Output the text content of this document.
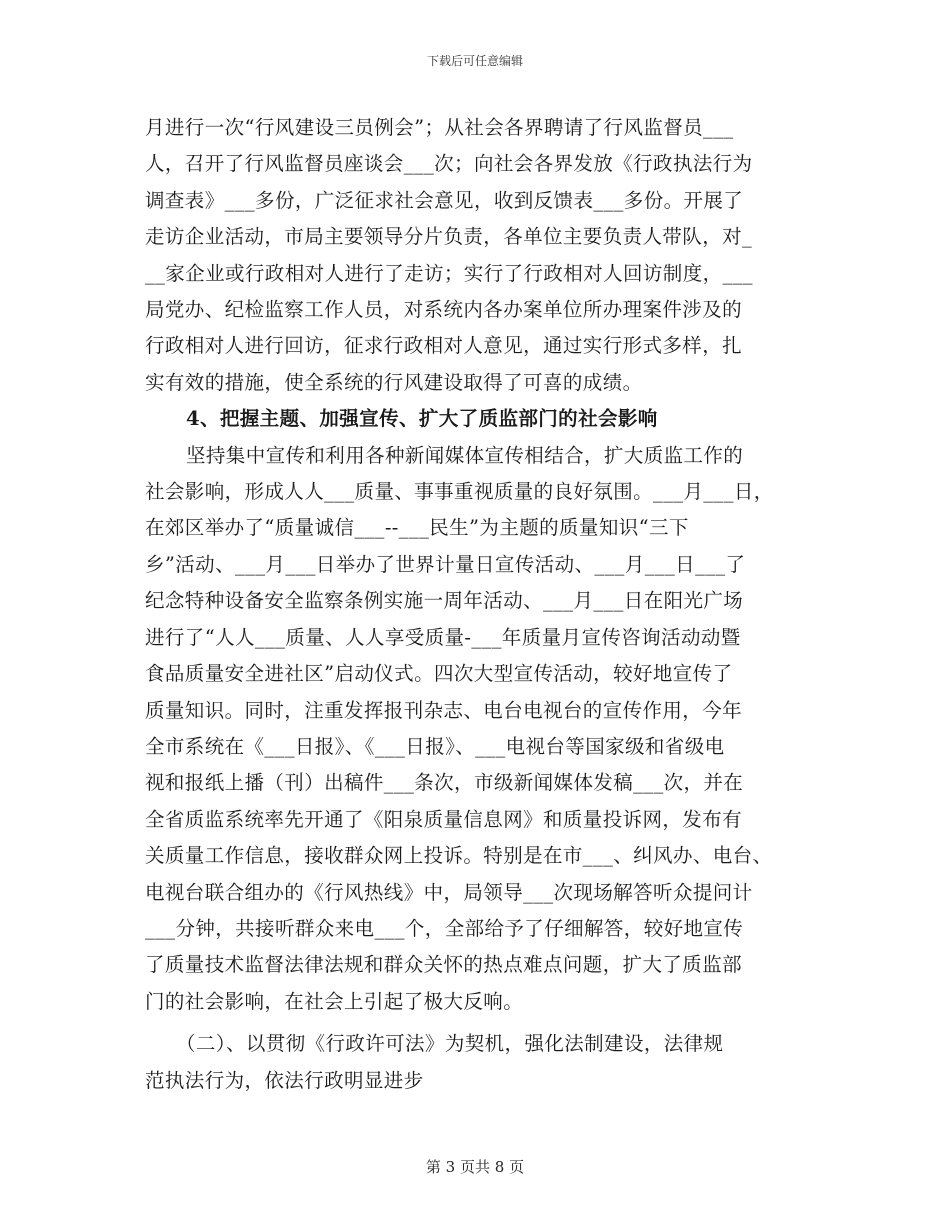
下载后可任意编辑

月进行一次“行风建设三员例会”；从社会各界聘请了行风监督员___
人，召开了行风监督员座谈会___次；向社会各界发放《行政执法行为
调查表》___多份，广泛征求社会意见，收到反馈表___多份。开展了
走访企业活动，市局主要领导分片负责，各单位主要负责人带队，对_
__家企业或行政相对人进行了走访；实行了行政相对人回访制度，___
局党办、纪检监察工作人员，对系统内各办案单位所办理案件涉及的
行政相对人进行回访，征求行政相对人意见，通过实行形式多样，扎
实有效的措施，使全系统的行风建设取得了可喜的成绩。

4、把握主题、加强宣传、扩大了质监部门的社会影响

坚持集中宣传和利用各种新闻媒体宣传相结合，扩大质监工作的
社会影响，形成人人___质量、事事重视质量的良好氛围。___月___日，
在郊区举办了“质量诚信___--___民生”为主题的质量知识“三下
乡”活动、___月___日举办了世界计量日宣传活动、___月___日___了
纪念特种设备安全监察条例实施一周年活动、___月___日在阳光广场
进行了“人人___质量、人人享受质量-___年质量月宣传咨询活动动暨
食品质量安全进社区”启动仪式。四次大型宣传活动，较好地宣传了
质量知识。同时，注重发挥报刊杂志、电台电视台的宣传作用，今年
全市系统在《___日报》、《___日报》、___电视台等国家级和省级电
视和报纸上播（刊）出稿件___条次，市级新闻媒体发稿___次，并在
全省质监系统率先开通了《阳泉质量信息网》和质量投诉网，发布有
关质量工作信息，接收群众网上投诉。特别是在市___、纠风办、电台、
电视台联合组办的《行风热线》中，局领导___次现场解答听众提问计
___分钟，共接听群众来电___个，全部给予了仔细解答，较好地宣传
了质量技术监督法律法规和群众关怀的热点难点问题，扩大了质监部
门的社会影响，在社会上引起了极大反响。

（二）、以贯彻《行政许可法》为契机，强化法制建设，法律规
范执法行为，依法行政明显进步

第 3 页共 8 页
